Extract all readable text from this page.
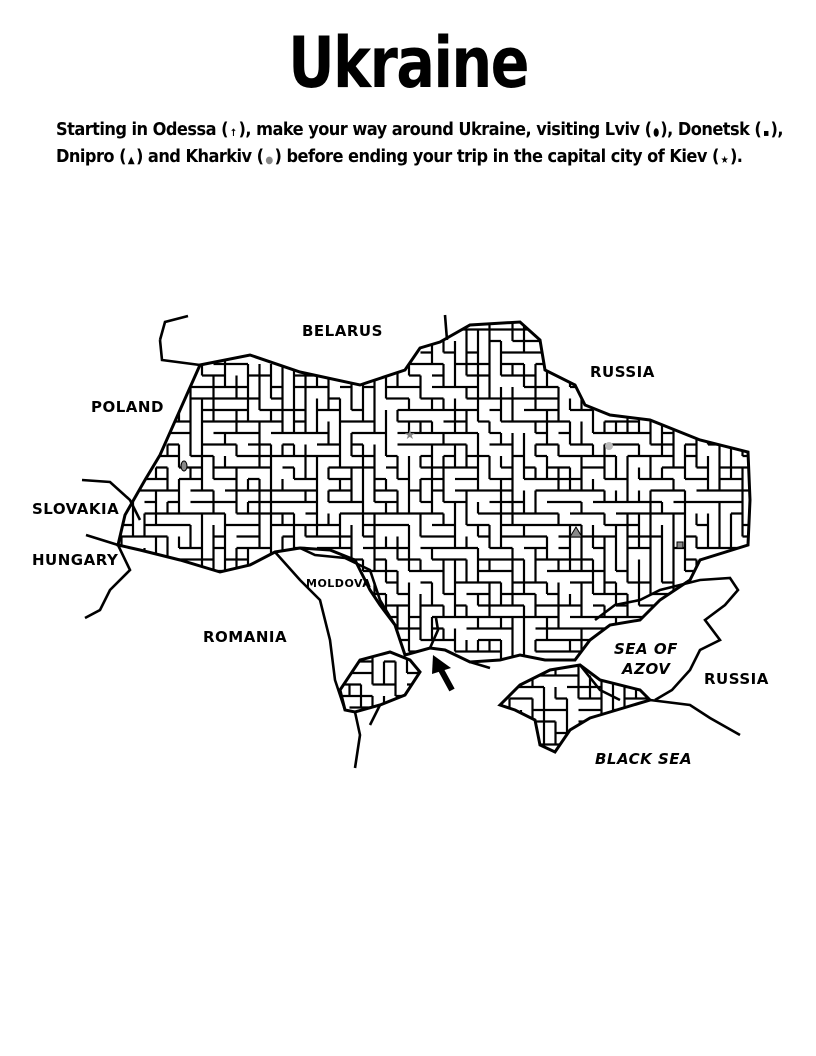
Ukraine
Starting in Odessa ( ↑ ), make your way around Ukraine, visiting Lviv ( ⬮), Donetsk ( ▪),
Dnipro ( ▲ ) and Kharkiv ( ●) before ending your trip in the capital city of Kiev ( ★).
★
BELARUS
RUSSIA
POLAND
SLOVAKIA
HUNGARY
MOLDOVA
ROMANIA
SEA OF
AZOV
RUSSIA
BLACK SEA
